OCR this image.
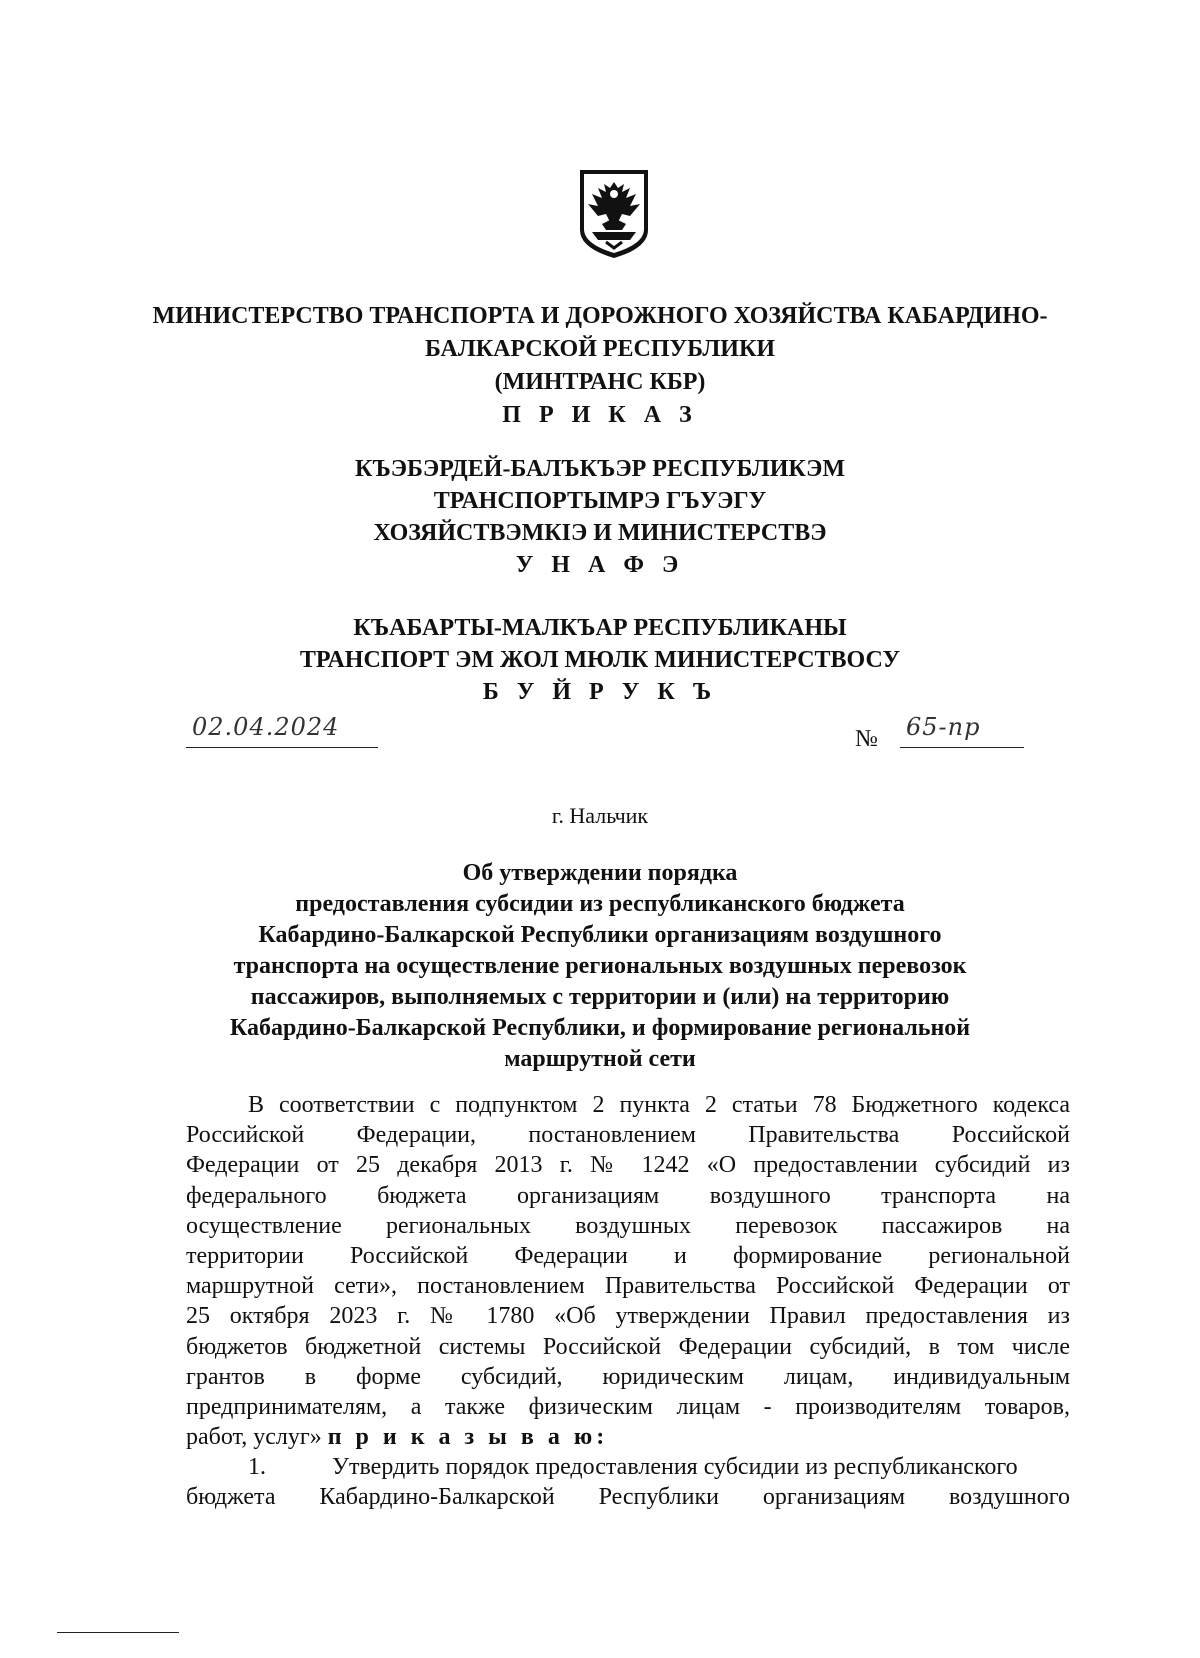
МИНИСТЕРСТВО ТРАНСПОРТА И ДОРОЖНОГО ХОЗЯЙСТВА КАБАРДИНО-
БАЛКАРСКОЙ РЕСПУБЛИКИ
(МИНТРАНС КБР)
П Р И К А З
КЪЭБЭРДЕЙ-БАЛЪКЪЭР РЕСПУБЛИКЭМ
ТРАНСПОРТЫМРЭ ГЪУЭГУ
ХОЗЯЙСТВЭМКIЭ И МИНИСТЕРСТВЭ
У Н А Ф Э
КЪАБАРТЫ-МАЛКЪАР РЕСПУБЛИКАНЫ
ТРАНСПОРТ ЭМ ЖОЛ МЮЛК МИНИСТЕРСТВОСУ
Б У Й Р У К Ъ
02.04.2024	№ 65-пр
г. Нальчик
Об утверждении порядка
предоставления субсидии из республиканского бюджета
Кабардино-Балкарской Республики организациям воздушного
транспорта на осуществление региональных воздушных перевозок
пассажиров, выполняемых с территории и (или) на территорию
Кабардино-Балкарской Республики, и формирование региональной
маршрутной сети
В соответствии с подпунктом 2 пункта 2 статьи 78 Бюджетного кодекса
Российской Федерации, постановлением Правительства Российской
Федерации от 25 декабря 2013 г. № 1242 «О предоставлении субсидий из
федерального бюджета организациям воздушного транспорта на
осуществление региональных воздушных перевозок пассажиров на
территории Российской Федерации и формирование региональной
маршрутной сети», постановлением Правительства Российской Федерации от
25 октября 2023 г. № 1780 «Об утверждении Правил предоставления из
бюджетов бюджетной системы Российской Федерации субсидий, в том числе
грантов в форме субсидий, юридическим лицам, индивидуальным
предпринимателям, а также физическим лицам - производителям товаров,
работ, услуг» п р и к а з ы в а ю:
1.	Утвердить порядок предоставления субсидии из республиканского
бюджета Кабардино-Балкарской Республики организациям воздушного
